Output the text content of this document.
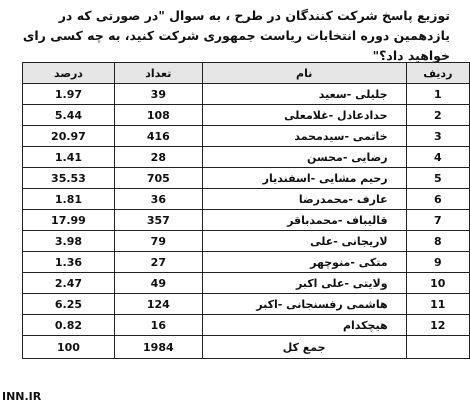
توزیع پاسخ شرکت کنندگان در طرح ، به سوال "در صورتی که در یازدهمین دوره انتخابات ریاست جمهوری شرکت کنید، به چه کسی رای خواهید داد؟"
ردیف	نام	تعداد	درصد
1	جلیلی -سعید	39	1.97
2	حدادعادل -غلامعلی	108	5.44
3	خاتمی -سیدمحمد	416	20.97
4	رضایی -محسن	28	1.41
5	رحیم مشایی -اسفندیار	705	35.53
6	عارف -محمدرضا	36	1.81
7	قالیباف -محمدباقر	357	17.99
8	لاریجانی -علی	79	3.98
9	متکی -منوچهر	27	1.36
10	ولایتی -علی اکبر	49	2.47
11	هاشمی رفسنجانی -اکبر	124	6.25
12	هیچکدام	16	0.82
	جمع کل	1984	100
INN.IR
